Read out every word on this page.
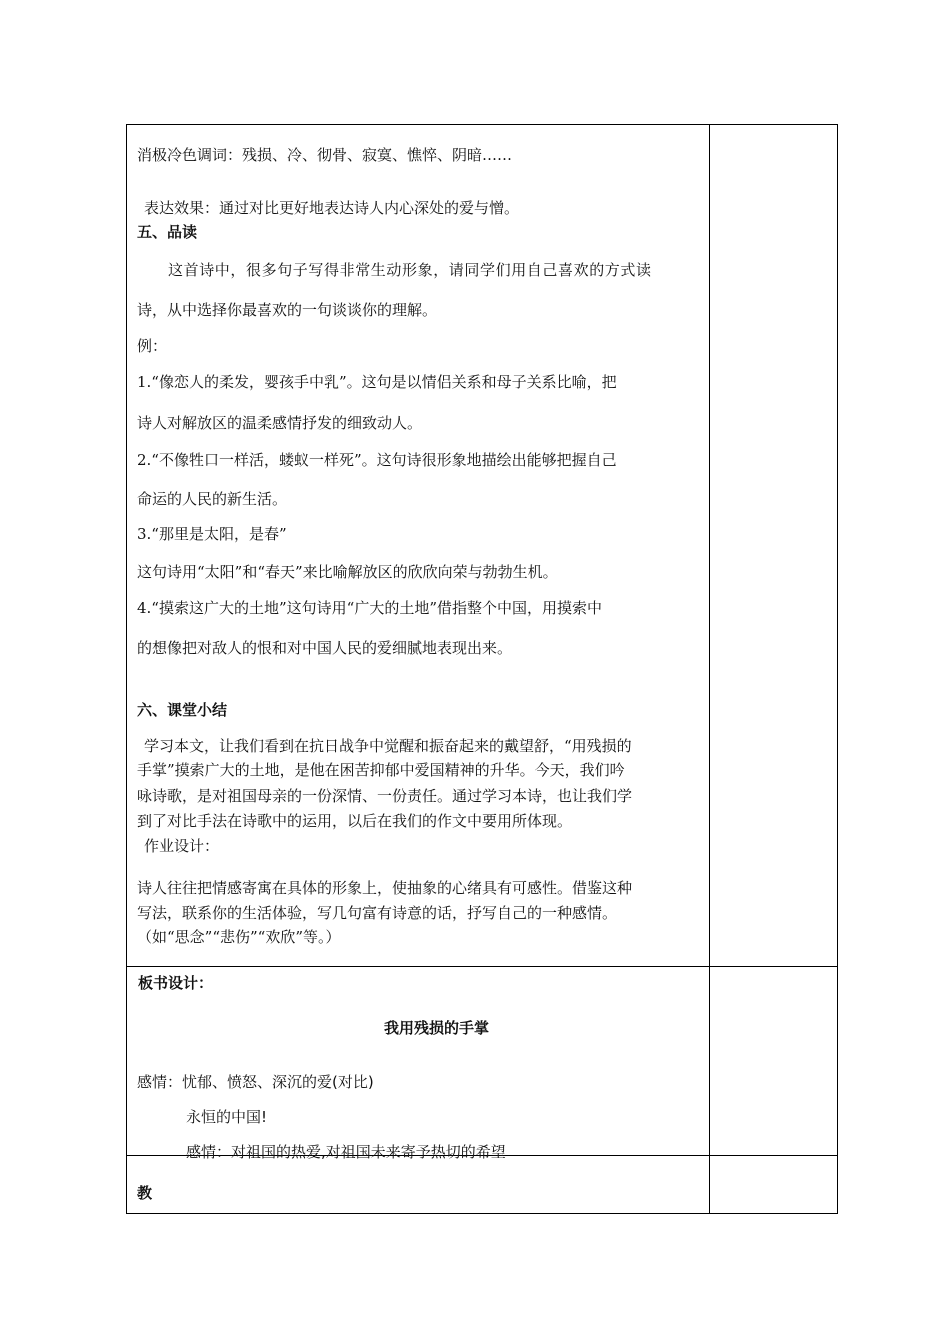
消极冷色调词：残损、冷、彻骨、寂寞、憔悴、阴暗……
表达效果：通过对比更好地表达诗人内心深处的爱与憎。
五、品读
这首诗中，很多句子写得非常生动形象，请同学们用自己喜欢的方式读
诗，从中选择你最喜欢的一句谈谈你的理解。
例：
1.“像恋人的柔发，婴孩手中乳”。这句是以情侣关系和母子关系比喻，把
诗人对解放区的温柔感情抒发的细致动人。
2.“不像牲口一样活，蝼蚁一样死”。这句诗很形象地描绘出能够把握自己
命运的人民的新生活。
3.“那里是太阳，是春”
这句诗用“太阳”和“春天”来比喻解放区的欣欣向荣与勃勃生机。
4.“摸索这广大的土地”这句诗用“广大的土地”借指整个中国，用摸索中
的想像把对敌人的恨和对中国人民的爱细腻地表现出来。
六、课堂小结
学习本文，让我们看到在抗日战争中觉醒和振奋起来的戴望舒，“用残损的
手掌”摸索广大的土地，是他在困苦抑郁中爱国精神的升华。今天，我们吟
咏诗歌，是对祖国母亲的一份深情、一份责任。通过学习本诗，也让我们学
到了对比手法在诗歌中的运用，以后在我们的作文中要用所体现。
作业设计：
诗人往往把情感寄寓在具体的形象上，使抽象的心绪具有可感性。借鉴这种
写法，联系你的生活体验，写几句富有诗意的话，抒写自己的一种感情。
（如“思念”“悲伤”“欢欣”等。）
板书设计：
我用残损的手掌
感情：忧郁、愤怒、深沉的爱(对比)
永恒的中国!
感情：对祖国的热爱,对祖国未来寄予热切的希望
教
